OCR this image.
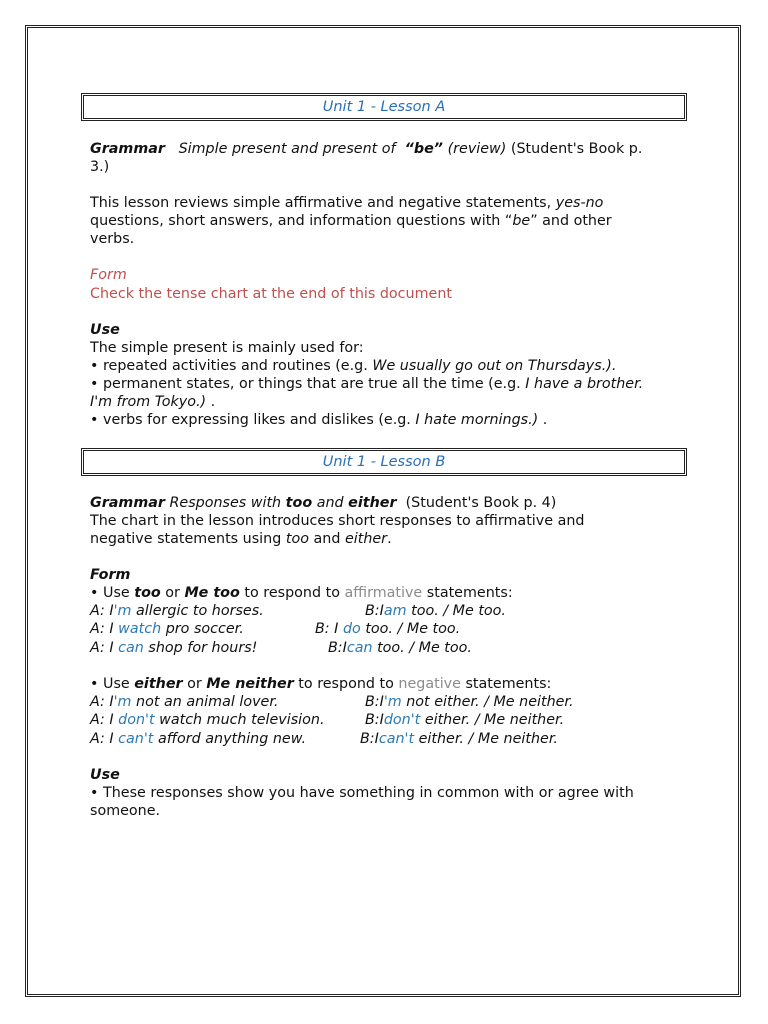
Unit 1 - Lesson A
Grammar Simple present and present of “be” (review) (Student's Book p.
3.)
This lesson reviews simple affirmative and negative statements, yes-no
questions, short answers, and information questions with “be” and other
verbs.
Form
Check the tense chart at the end of this document
Use
The simple present is mainly used for:
• repeated activities and routines (e.g. We usually go out on Thursdays.).
• permanent states, or things that are true all the time (e.g. I have a brother.
I'm from Tokyo.) .
• verbs for expressing likes and dislikes (e.g. I hate mornings.) .
Unit 1 - Lesson B
Grammar Responses with too and either (Student's Book p. 4)
The chart in the lesson introduces short responses to affirmative and
negative statements using too and either.
Form
• Use too or Me too to respond to affirmative statements:
A: I'm allergic to horses.	B:Iam too. / Me too.
A: I watch pro soccer.	B: I do too. / Me too.
A: I can shop for hours!	B:Ican too. / Me too.
• Use either or Me neither to respond to negative statements:
A: I'm not an animal lover.	B:I'm not either. / Me neither.
A: I don't watch much television.	B:Idon't either. / Me neither.
A: I can't afford anything new.	B:Ican't either. / Me neither.
Use
• These responses show you have something in common with or agree with
someone.
